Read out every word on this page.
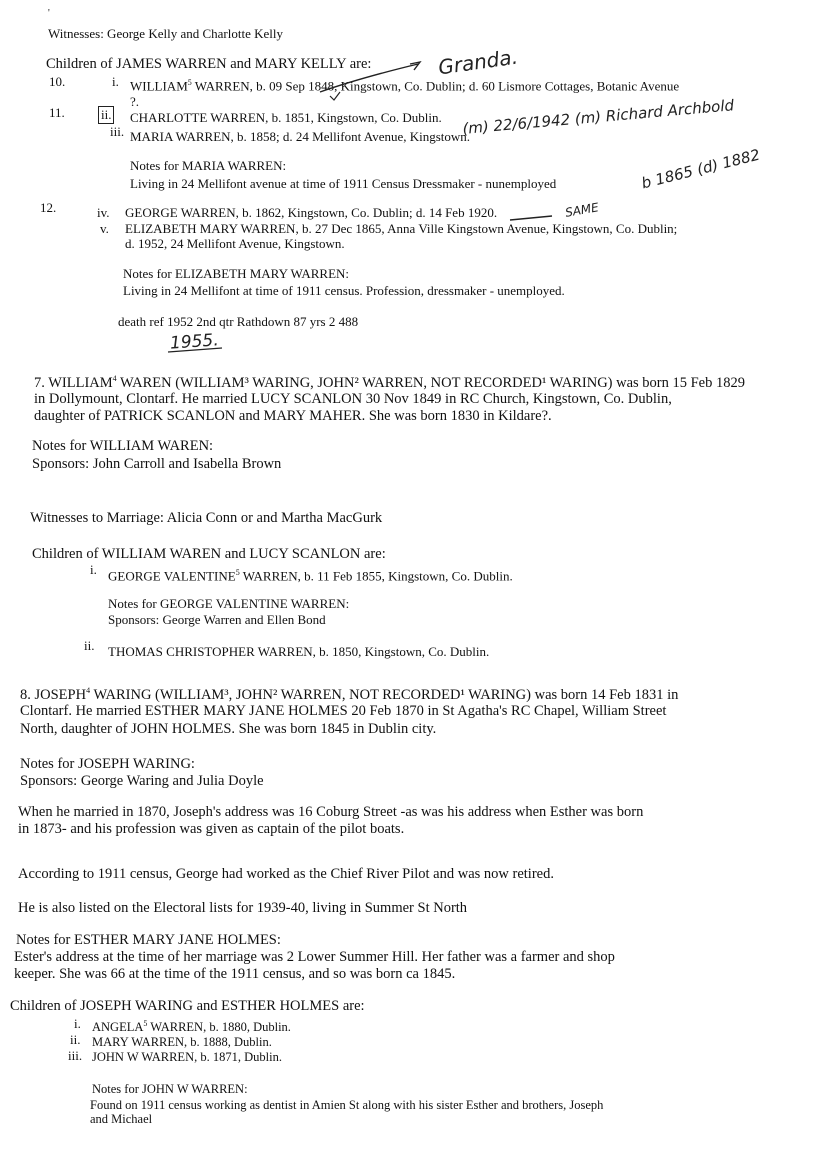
Witnesses: George Kelly and Charlotte Kelly
'
Children of JAMES WARREN and MARY KELLY are:
10.	i. WILLIAM$^5$ WARREN, b. 09 Sep 1848, Kingstown, Co. Dublin; d. 60 Lismore Cottages, Botanic Avenue
?.
11.	ii. CHARLOTTE WARREN, b. 1851, Kingstown, Co. Dublin.
iii. MARIA WARREN, b. 1858; d. 24 Mellifont Avenue, Kingstown.
Notes for MARIA WARREN:
Living in 24 Mellifont avenue at time of 1911 Census Dressmaker - nunemployed
12.	iv. GEORGE WARREN, b. 1862, Kingstown, Co. Dublin; d. 14 Feb 1920.
v. ELIZABETH MARY WARREN, b. 27 Dec 1865, Anna Ville Kingstown Avenue, Kingstown, Co. Dublin;
d. 1952, 24 Mellifont Avenue, Kingstown.
Notes for ELIZABETH MARY WARREN:
Living in 24 Mellifont at time of 1911 census. Profession, dressmaker - unemployed.
death ref 1952 2nd qtr Rathdown 87 yrs 2 488
Granda.
(m) 22/6/1942 (m) Richard Archbold
b 1865 (d) 1882
SAME
1955.
7. WILLIAM$^4$ WAREN (WILLIAM³ WARING, JOHN² WARREN, NOT RECORDED¹ WARING) was born 15 Feb 1829
in Dollymount, Clontarf. He married LUCY SCANLON 30 Nov 1849 in RC Church, Kingstown, Co. Dublin,
daughter of PATRICK SCANLON and MARY MAHER. She was born 1830 in Kildare?.
Notes for WILLIAM WAREN:
Sponsors: John Carroll and Isabella Brown
Witnesses to Marriage: Alicia Conn or and Martha MacGurk
Children of WILLIAM WAREN and LUCY SCANLON are:
i. GEORGE VALENTINE$^5$ WARREN, b. 11 Feb 1855, Kingstown, Co. Dublin.
Notes for GEORGE VALENTINE WARREN:
Sponsors: George Warren and Ellen Bond
ii. THOMAS CHRISTOPHER WARREN, b. 1850, Kingstown, Co. Dublin.
8. JOSEPH$^4$ WARING (WILLIAM³, JOHN² WARREN, NOT RECORDED¹ WARING) was born 14 Feb 1831 in
Clontarf. He married ESTHER MARY JANE HOLMES 20 Feb 1870 in St Agatha's RC Chapel, William Street
North, daughter of JOHN HOLMES. She was born 1845 in Dublin city.
Notes for JOSEPH WARING:
Sponsors: George Waring and Julia Doyle
When he married in 1870, Joseph's address was 16 Coburg Street -as was his address when Esther was born
in 1873- and his profession was given as captain of the pilot boats.
According to 1911 census, George had worked as the Chief River Pilot and was now retired.
He is also listed on the Electoral lists for 1939-40, living in Summer St North
Notes for ESTHER MARY JANE HOLMES:
Ester's address at the time of her marriage was 2 Lower Summer Hill. Her father was a farmer and shop
keeper. She was 66 at the time of the 1911 census, and so was born ca 1845.
Children of JOSEPH WARING and ESTHER HOLMES are:
i. ANGELA$^5$ WARREN, b. 1880, Dublin.
ii. MARY WARREN, b. 1888, Dublin.
iii. JOHN W WARREN, b. 1871, Dublin.
Notes for JOHN W WARREN:
Found on 1911 census working as dentist in Amien St along with his sister Esther and brothers, Joseph
and Michael
